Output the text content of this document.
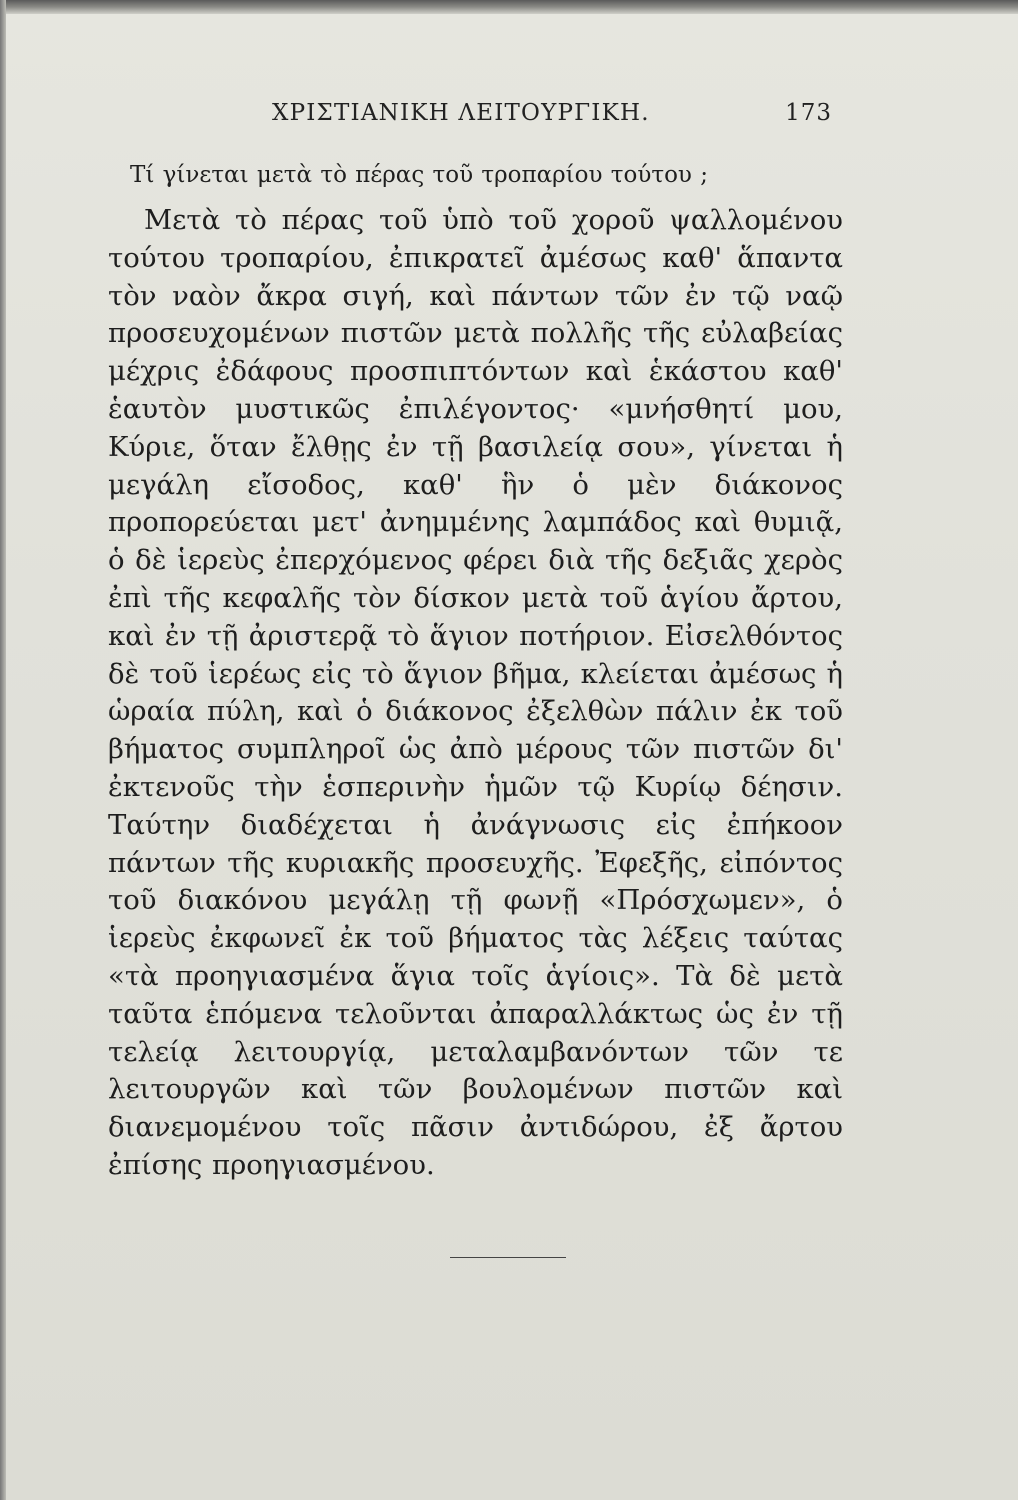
ΧΡΙΣΤΙΑΝΙΚΗ ΛΕΙΤΟΥΡΓΙΚΗ.	173

Τί γίνεται μετὰ τὸ πέρας τοῦ τροπαρίου τούτου ;

Μετὰ τὸ πέρας τοῦ ὑπὸ τοῦ χοροῦ ψαλλομένου τούτου τροπαρίου, ἐπικρατεῖ ἀμέσως καθ' ἅπαντα τὸν ναὸν ἄκρα σιγή, καὶ πάντων τῶν ἐν τῷ ναῷ προσευχομένων πιστῶν μετὰ πολλῆς τῆς εὐλαβείας μέχρις ἐδάφους προσπιπτόντων καὶ ἑκάστου καθ' ἑαυτὸν μυστικῶς ἐπιλέγοντος· «μνήσθητί μου, Κύριε, ὅταν ἔλθῃς ἐν τῇ βασιλείᾳ σου», γίνεται ἡ μεγάλη εἴσοδος, καθ' ἣν ὁ μὲν διάκονος προπορεύεται μετ' ἀνημμένης λαμπάδος καὶ θυμιᾷ, ὁ δὲ ἱερεὺς ἐπερχόμενος φέρει διὰ τῆς δεξιᾶς χερὸς ἐπὶ τῆς κεφαλῆς τὸν δίσκον μετὰ τοῦ ἁγίου ἄρτου, καὶ ἐν τῇ ἀριστερᾷ τὸ ἅγιον ποτήριον. Εἰσελθόντος δὲ τοῦ ἱερέως εἰς τὸ ἅγιον βῆμα, κλείεται ἀμέσως ἡ ὡραία πύλη, καὶ ὁ διάκονος ἐξελθὼν πάλιν ἐκ τοῦ βήματος συμπληροῖ ὡς ἀπὸ μέρους τῶν πιστῶν δι' ἐκτενοῦς τὴν ἑσπερινὴν ἡμῶν τῷ Κυρίῳ δέησιν. Ταύτην διαδέχεται ἡ ἀνάγνωσις εἰς ἐπήκοον πάντων τῆς κυριακῆς προσευχῆς. Ἐφεξῆς, εἰπόντος τοῦ διακόνου μεγάλῃ τῇ φωνῇ «Πρόσχωμεν», ὁ ἱερεὺς ἐκφωνεῖ ἐκ τοῦ βήματος τὰς λέξεις ταύτας «τὰ προηγιασμένα ἅγια τοῖς ἁγίοις». Τὰ δὲ μετὰ ταῦτα ἑπόμενα τελοῦνται ἀπαραλλάκτως ὡς ἐν τῇ τελείᾳ λειτουργίᾳ, μεταλαμβανόντων τῶν τε λειτουργῶν καὶ τῶν βουλομένων πιστῶν καὶ διανεμομένου τοῖς πᾶσιν ἀντιδώρου, ἐξ ἄρτου ἐπίσης προηγιασμένου.
